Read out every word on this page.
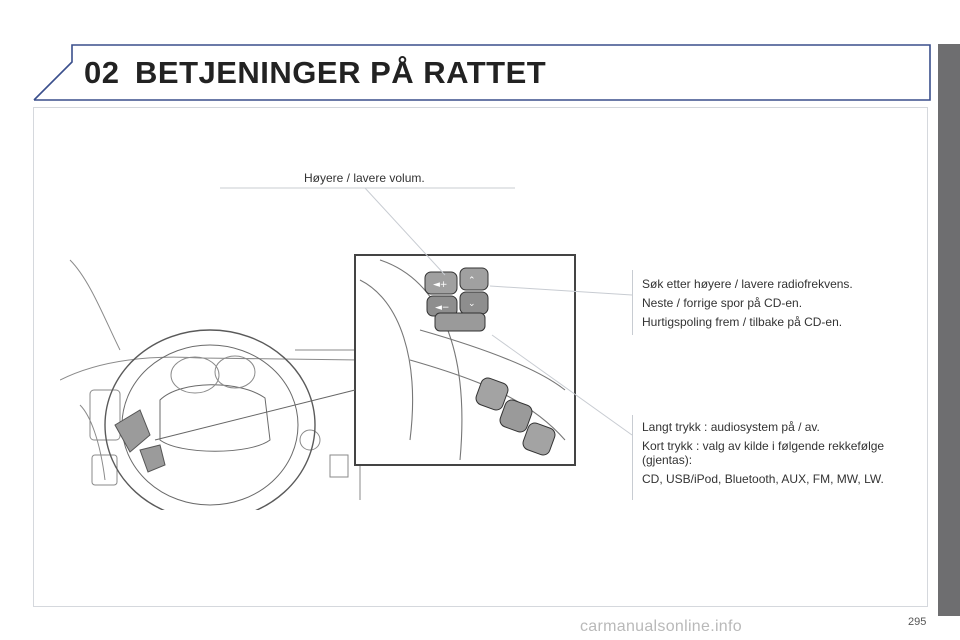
02 BETJENINGER PÅ RATTET
◄+ ⌃
◄− ⌄
Høyere / lavere volum.

Søk etter høyere / lavere radiofrekvens.

Neste / forrige spor på CD-en.

Hurtigspoling frem / tilbake på CD-en.

Langt trykk : audiosystem på / av.

Kort trykk : valg av kilde i følgende rekkefølge (gjentas):

CD, USB/iPod, Bluetooth, AUX, FM, MW, LW.

295
carmanualsonline.info
